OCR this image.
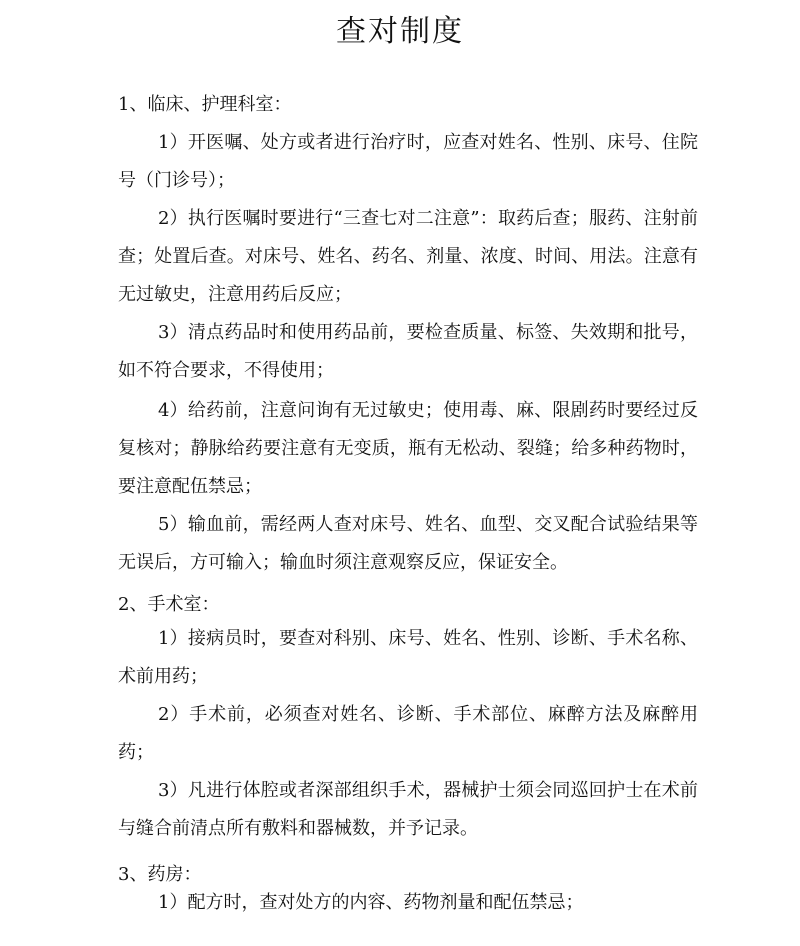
查对制度
1、临床、护理科室：
1）开医嘱、处方或者进行治疗时，应查对姓名、性别、床号、住院号（门诊号）；
2）执行医嘱时要进行“三查七对二注意”：取药后查；服药、注射前查；处置后查。对床号、姓名、药名、剂量、浓度、时间、用法。注意有无过敏史，注意用药后反应；
3）清点药品时和使用药品前，要检查质量、标签、失效期和批号，如不符合要求，不得使用；
4）给药前，注意问询有无过敏史；使用毒、麻、限剧药时要经过反复核对；静脉给药要注意有无变质，瓶有无松动、裂缝；给多种药物时，要注意配伍禁忌；
5）输血前，需经两人查对床号、姓名、血型、交叉配合试验结果等无误后，方可输入；输血时须注意观察反应，保证安全。
2、手术室：
1）接病员时，要查对科别、床号、姓名、性别、诊断、手术名称、术前用药；
2）手术前，必须查对姓名、诊断、手术部位、麻醉方法及麻醉用药；
3）凡进行体腔或者深部组织手术，器械护士须会同巡回护士在术前与缝合前清点所有敷料和器械数，并予记录。
3、药房：
1）配方时，查对处方的内容、药物剂量和配伍禁忌；
